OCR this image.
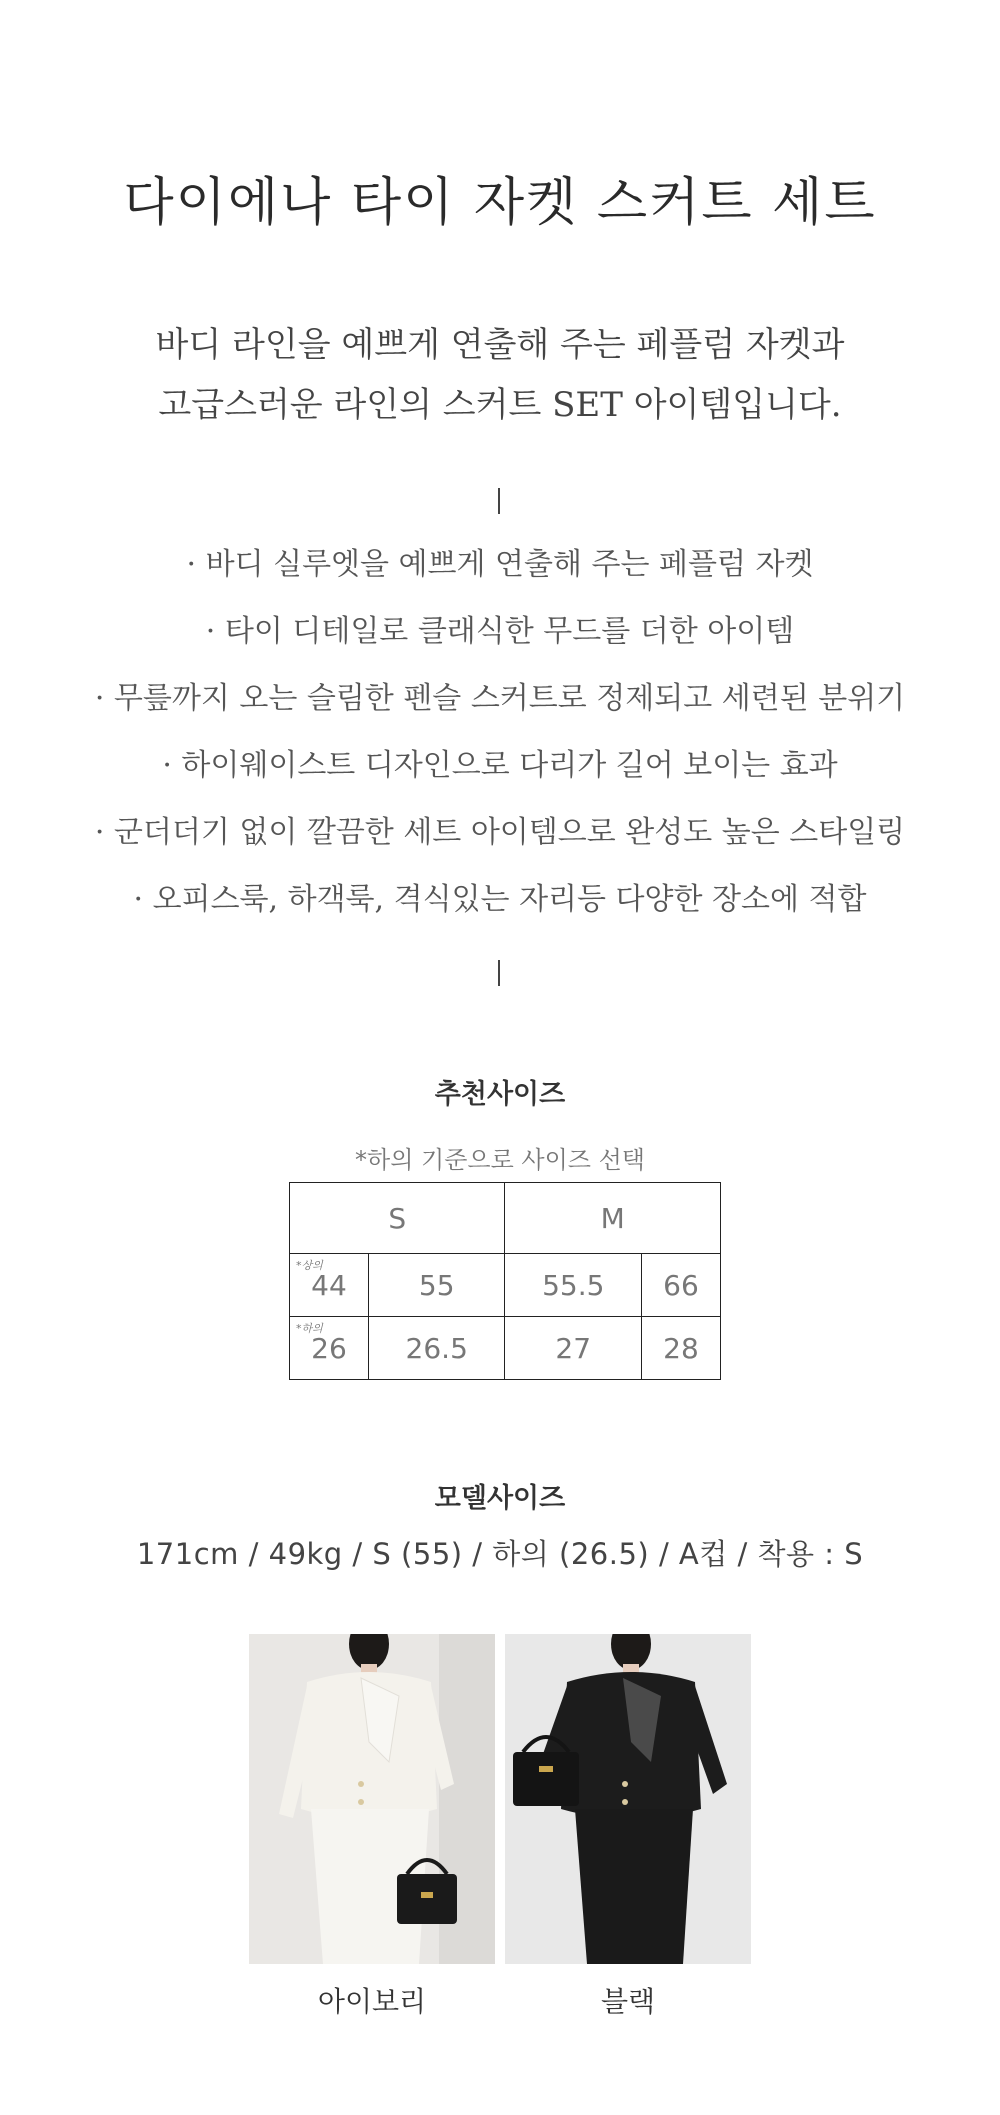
다이에나 타이 자켓 스커트 세트
바디 라인을 예쁘게 연출해 주는 페플럼 자켓과
고급스러운 라인의 스커트 SET 아이템입니다.
· 바디 실루엣을 예쁘게 연출해 주는 페플럼 자켓
· 타이 디테일로 클래식한 무드를 더한 아이템
· 무릎까지 오는 슬림한 펜슬 스커트로 정제되고 세련된 분위기
· 하이웨이스트 디자인으로 다리가 길어 보이는 효과
· 군더더기 없이 깔끔한 세트 아이템으로 완성도 높은 스타일링
· 오피스룩, 하객룩, 격식있는 자리등 다양한 장소에 적합
추천사이즈
*하의 기준으로 사이즈 선택
S		M	

*상의
44	55	55.5	66

*하의
26	26.5	27	28
모델사이즈
171cm / 49kg / S (55) / 하의 (26.5) / A컵 / 착용 : S
아이보리	블랙
